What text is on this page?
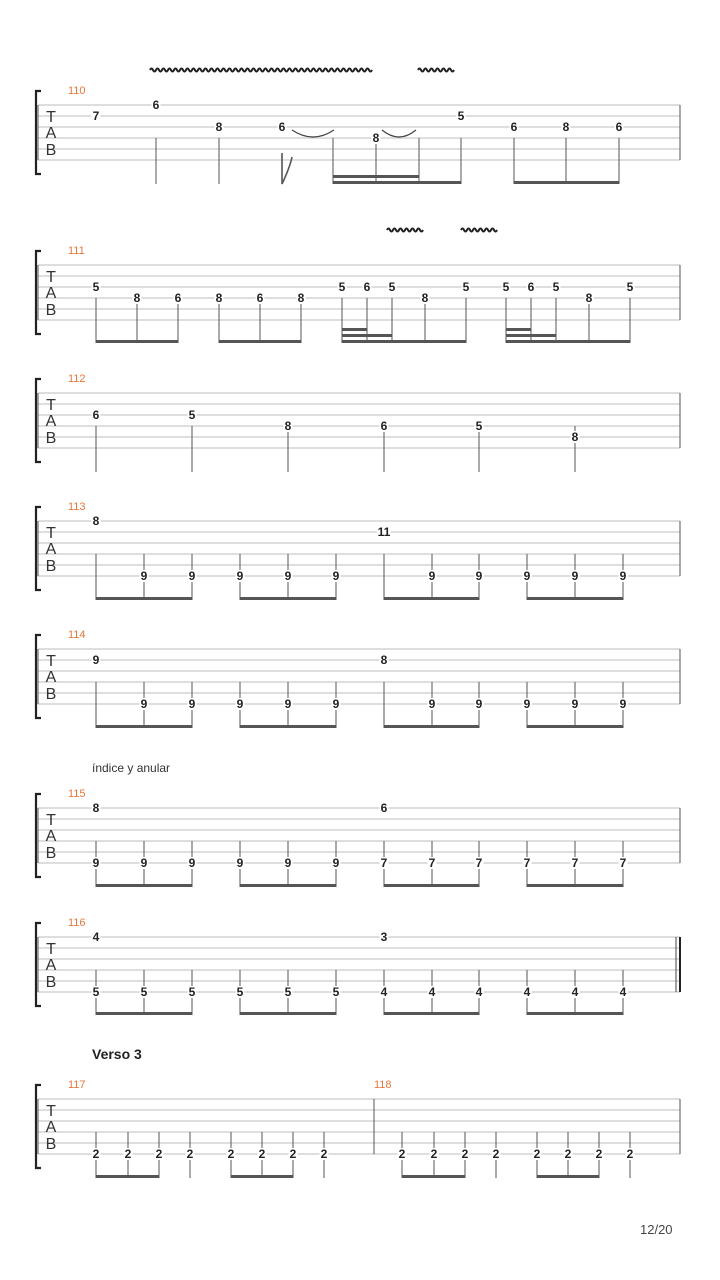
T
A
B
110
7
6
8	6
8
5
6	8	6
T
A
B
111
5
8	6	8	6	8
5 6 5
8
5	5 6 5
8
5
T
A
B
112
6	5
8	6	5
8
T
A
B
113
8
9	9	9	9	9
11
9	9	9	9	9
T
A
B
114
9
9	9	9	9	9
8
9	9	9	9	9
T
A
B
115
8
9	9	9	9	9	9
6
7	7	7	7	7	7
T
A
B
116
4
5	5	5	5	5	5
3
4	4	4	4	4	4
T
A
B
117	118
2 2 2 2	2 2 2 2	2 2 2 2	2 2 2 2
índice y anular
Verso 3
12/20
